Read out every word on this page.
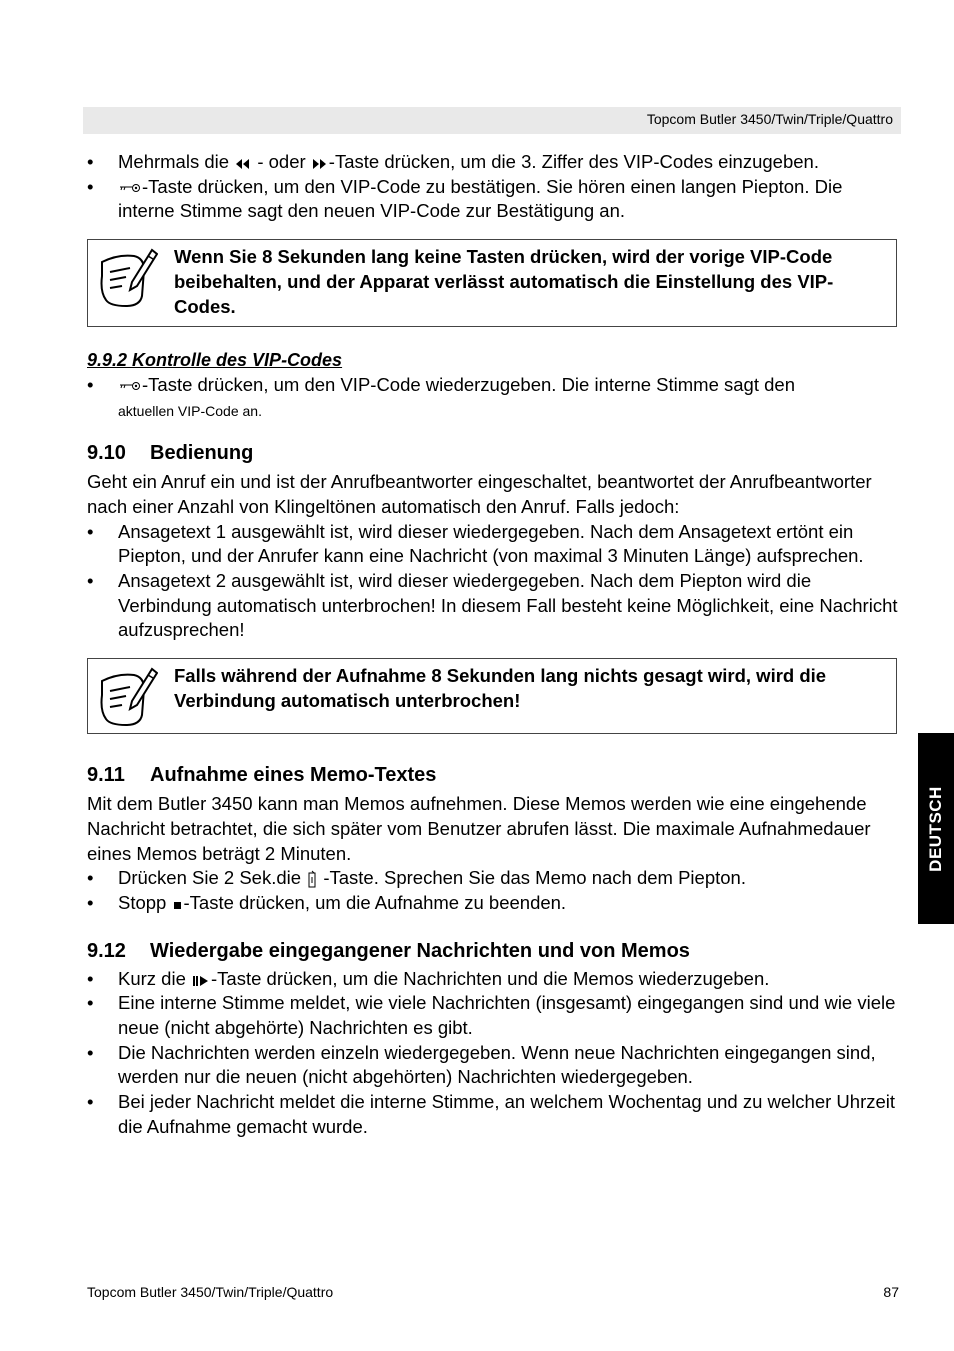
Topcom Butler 3450/Twin/Triple/Quattro
• Mehrmals die  - oder -Taste drücken, um die 3. Ziffer des VIP-Codes einzugeben.
• -Taste drücken, um den VIP-Code zu bestätigen. Sie hören einen langen Piepton. Die interne Stimme sagt den neuen VIP-Code zur Bestätigung an.
Wenn Sie 8 Sekunden lang keine Tasten drücken, wird der vorige VIP-Code beibehalten, und der Apparat verlässt automatisch die Einstellung des VIP-Codes.

9.9.2 Kontrolle des VIP-Codes

• -Taste drücken, um den VIP-Code wiederzugeben. Die interne Stimme sagt den
aktuellen VIP-Code an.

9.10 Bedienung

Geht ein Anruf ein und ist der Anrufbeantworter eingeschaltet, beantwortet der Anrufbeantworter nach einer Anzahl von Klingeltönen automatisch den Anruf. Falls jedoch:

• Ansagetext 1 ausgewählt ist, wird dieser wiedergegeben. Nach dem Ansagetext ertönt ein Piepton, und der Anrufer kann eine Nachricht (von maximal 3 Minuten Länge) aufsprechen.
• Ansagetext 2 ausgewählt ist, wird dieser wiedergegeben. Nach dem Piepton wird die Verbindung automatisch unterbrochen! In diesem Fall besteht keine Möglichkeit, eine Nachricht aufzusprechen!
Falls während der Aufnahme 8 Sekunden lang nichts gesagt wird, wird die Verbindung automatisch unterbrochen!

9.11 Aufnahme eines Memo-Textes

Mit dem Butler 3450 kann man Memos aufnehmen. Diese Memos werden wie eine eingehende Nachricht betrachtet, die sich später vom Benutzer abrufen lässt. Die maximale Aufnahmedauer eines Memos beträgt 2 Minuten.

• Drücken Sie 2 Sek.die  -Taste. Sprechen Sie das Memo nach dem Piepton.
• Stopp -Taste drücken, um die Aufnahme zu beenden.

9.12 Wiedergabe eingegangener Nachrichten und von Memos

• Kurz die -Taste drücken, um die Nachrichten und die Memos wiederzugeben.
• Eine interne Stimme meldet, wie viele Nachrichten (insgesamt) eingegangen sind und wie viele neue (nicht abgehörte) Nachrichten es gibt.
• Die Nachrichten werden einzeln wiedergegeben. Wenn neue Nachrichten eingegangen sind, werden nur die neuen (nicht abgehörten) Nachrichten wiedergegeben.
• Bei jeder Nachricht meldet die interne Stimme, an welchem Wochentag und zu welcher Uhrzeit die Aufnahme gemacht wurde.
DEUTSCH
Topcom Butler 3450/Twin/Triple/Quattro	87
